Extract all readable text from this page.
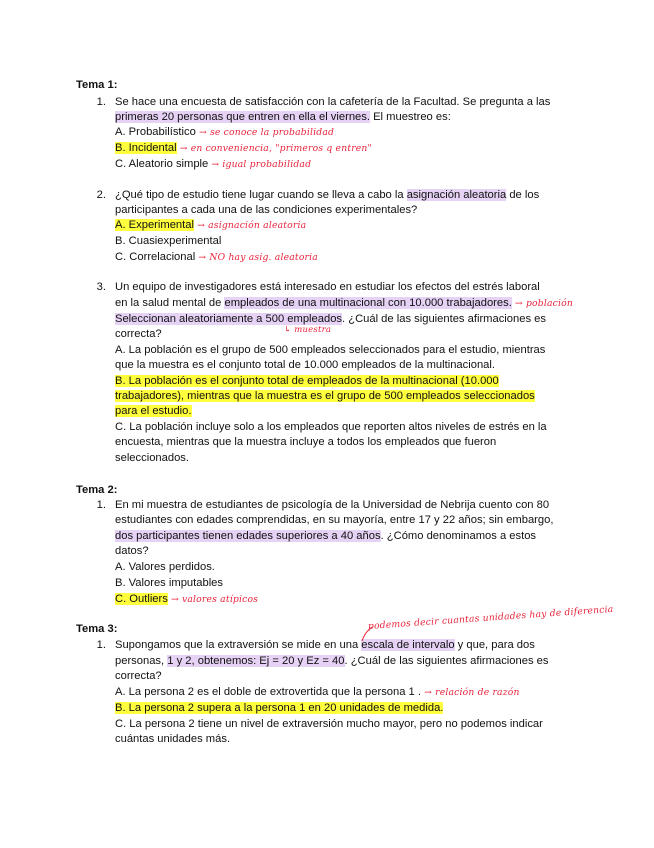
Tema 1:
1. Se hace una encuesta de satisfacción con la cafetería de la Facultad. Se pregunta a las
primeras 20 personas que entren en ella el viernes. El muestreo es:
A. Probabilístico → se conoce la probabilidad
B. Incidental → en conveniencia, "primeros q entren"
C. Aleatorio simple → igual probabilidad
2. ¿Qué tipo de estudio tiene lugar cuando se lleva a cabo la asignación aleatoria de los
participantes a cada una de las condiciones experimentales?
A. Experimental → asignación aleatoria
B. Cuasiexperimental
C. Correlacional → NO hay asig. aleatoria
3. Un equipo de investigadores está interesado en estudiar los efectos del estrés laboral
en la salud mental de empleados de una multinacional con 10.000 trabajadores. → población
Seleccionan aleatoriamente a 500 empleados. ¿Cuál de las siguientes afirmaciones es
↳ muestra
correcta?
A. La población es el grupo de 500 empleados seleccionados para el estudio, mientras
que la muestra es el conjunto total de 10.000 empleados de la multinacional.
B. La población es el conjunto total de empleados de la multinacional (10.000
trabajadores), mientras que la muestra es el grupo de 500 empleados seleccionados
para el estudio.
C. La población incluye solo a los empleados que reporten altos niveles de estrés en la
encuesta, mientras que la muestra incluye a todos los empleados que fueron
seleccionados.
Tema 2:
1. En mi muestra de estudiantes de psicología de la Universidad de Nebrija cuento con 80
estudiantes con edades comprendidas, en su mayoría, entre 17 y 22 años; sin embargo,
dos participantes tienen edades superiores a 40 años. ¿Cómo denominamos a estos
datos?
A. Valores perdidos.
B. Valores imputables
C. Outliers → valores atípicos
podemos decir cuantas unidades hay de diferencia
Tema 3:
1. Supongamos que la extraversión se mide en una escala de intervalo y que, para dos
personas, 1 y 2, obtenemos: Ej = 20 y Ez = 40. ¿Cuál de las siguientes afirmaciones es
correcta?
A. La persona 2 es el doble de extrovertida que la persona 1 . → relación de razón
B. La persona 2 supera a la persona 1 en 20 unidades de medida.
C. La persona 2 tiene un nivel de extraversión mucho mayor, pero no podemos indicar
cuántas unidades más.
